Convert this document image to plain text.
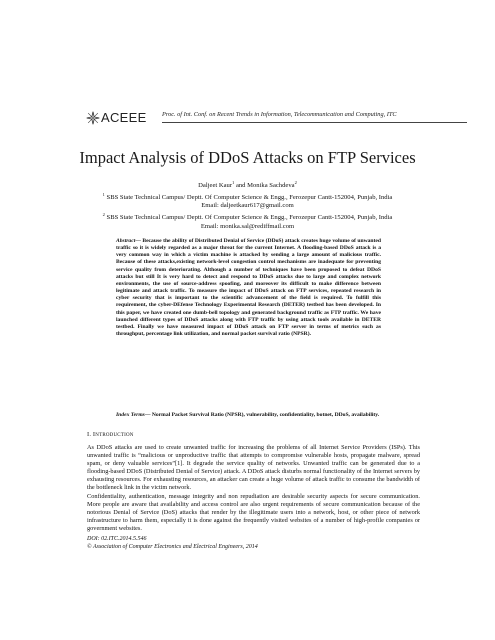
ACEEE Proc. of Int. Conf. on Recent Trends in Information, Telecommunication and Computing, ITC
Impact Analysis of DDoS Attacks on FTP Services
Daljeet Kaur$^1$ and Monika Sachdeva$^2$
$^1$ SBS State Technical Campus/ Deptt. Of Computer Science & Engg., Ferozepur Cantt-152004, Punjab, India
Email: daljeetkaur617@gmail.com
$^2$ SBS State Technical Campus/ Deptt. Of Computer Science & Engg., Ferozepur Cantt-152004, Punjab, India
Email: monika.sal@rediffmail.com
Abstract— Because the ability of Distributed Denial of Service (DDoS) attack creates huge volume of unwanted traffic so it is widely regarded as a major threat for the current Internet. A flooding-based DDoS attack is a very common way in which a victim machine is attacked by sending a large amount of malicious traffic. Because of these attacks,existing network-level congestion control mechanisms are inadequate for preventing service quality from deteriorating. Although a number of techniques have been proposed to defeat DDoS attacks but still It is very hard to detect and respond to DDoS attacks due to large and complex network environments, the use of source-address spoofing, and moreover its difficult to make difference between legitimate and attack traffic. To measure the impact of DDoS attack on FTP services, repeated research in cyber security that is important to the scientific advancement of the field is required. To fulfill this requirement, the cyber-DEfense Technology Experimental Research (DETER) testbed has been developed. In this paper, we have created one dumb-bell topology and generated background traffic as FTP traffic. We have launched different types of DDoS attacks along with FTP traffic by using attack tools available in DETER testbed. Finally we have measured impact of DDoS attack on FTP server in terms of metrics such as throughput, percentage link utilization, and normal packet survival ratio (NPSR).
Index Terms— Normal Packet Survival Ratio (NPSR), vulnerability, confidentiality, botnet, DDoS, availability.
I. INTRODUCTION

As DDoS attacks are used to create unwanted traffic for increasing the problems of all Internet Service Providers (ISPs). This unwanted traffic is “malicious or unproductive traffic that attempts to compromise vulnerable hosts, propagate malware, spread spam, or deny valuable services”[1]. It degrade the service quality of networks. Unwanted traffic can be generated due to a flooding-based DDoS (Distributed Denial of Service) attack. A DDoS attack disturbs normal functionality of the Internet servers by exhausting resources. For exhausting resources, an attacker can create a huge volume of attack traffic to consume the bandwidth of the bottleneck link in the victim network.

Confidentiality, authentication, message integrity and non repudiation are desirable security aspects for secure communication. More people are aware that availability and access control are also urgent requirements of secure communication because of the notorious Denial of Service (DoS) attacks that render by the illegitimate users into a network, host, or other piece of network infrastructure to harm them, especially it is done against the frequently visited websites of a number of high-profile companies or government websites.

DOI: 02.ITC.2014.5.546
© Association of Computer Electronics and Electrical Engineers, 2014
